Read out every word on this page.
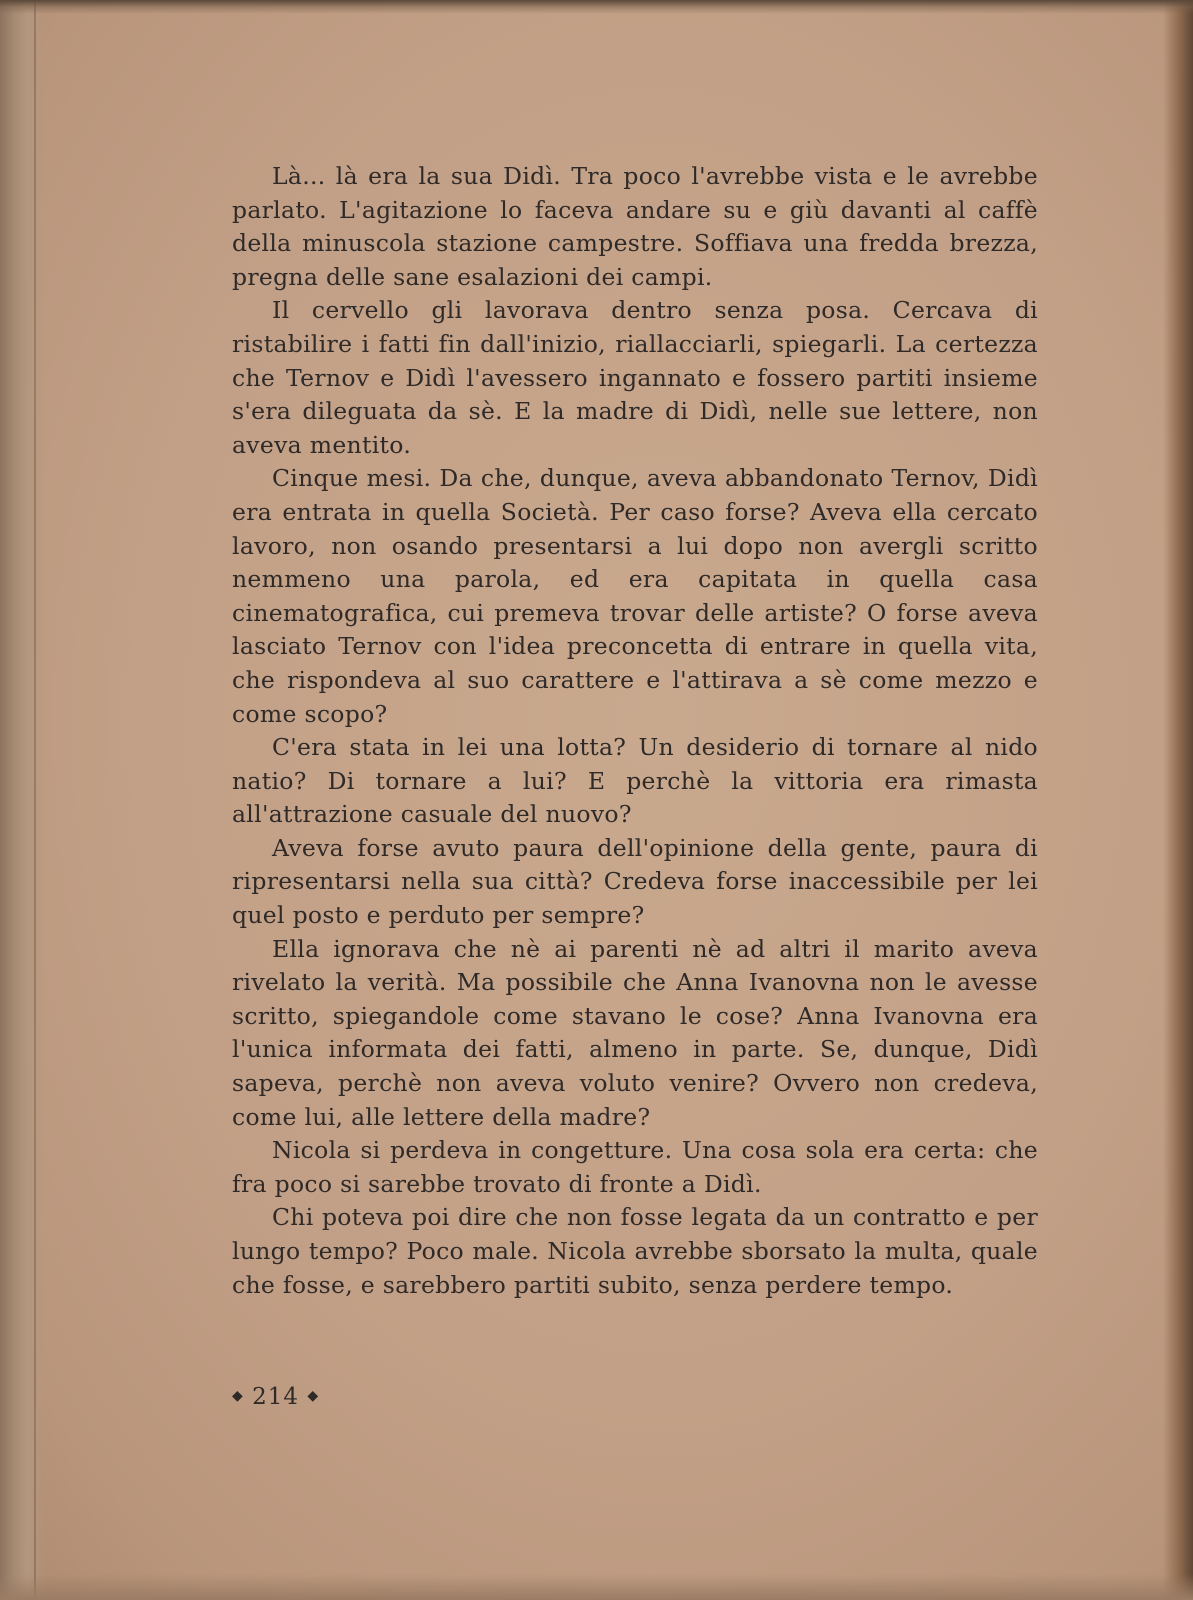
Là... là era la sua Didì. Tra poco l'avrebbe vista e le avrebbe parlato. L'agitazione lo faceva andare su e giù davanti al caffè della minuscola stazione campestre. Soffiava una fredda brezza, pregna delle sane esalazioni dei campi.

Il cervello gli lavorava dentro senza posa. Cercava di ristabilire i fatti fin dall'inizio, riallacciarli, spiegarli. La certezza che Ternov e Didì l'avessero ingannato e fossero partiti insieme s'era dileguata da sè. E la madre di Didì, nelle sue lettere, non aveva mentito.

Cinque mesi. Da che, dunque, aveva abbandonato Ternov, Didì era entrata in quella Società. Per caso forse? Aveva ella cercato lavoro, non osando presentarsi a lui dopo non avergli scritto nemmeno una parola, ed era capitata in quella casa cinematografica, cui premeva trovar delle artiste? O forse aveva lasciato Ternov con l'idea preconcetta di entrare in quella vita, che rispondeva al suo carattere e l'attirava a sè come mezzo e come scopo?

C'era stata in lei una lotta? Un desiderio di tornare al nido natio? Di tornare a lui? E perchè la vittoria era rimasta all'attrazione casuale del nuovo?

Aveva forse avuto paura dell'opinione della gente, paura di ripresentarsi nella sua città? Credeva forse inaccessibile per lei quel posto e perduto per sempre?

Ella ignorava che nè ai parenti nè ad altri il marito aveva rivelato la verità. Ma possibile che Anna Ivanovna non le avesse scritto, spiegandole come stavano le cose? Anna Ivanovna era l'unica informata dei fatti, almeno in parte. Se, dunque, Didì sapeva, perchè non aveva voluto venire? Ovvero non credeva, come lui, alle lettere della madre?

Nicola si perdeva in congetture. Una cosa sola era certa: che fra poco si sarebbe trovato di fronte a Didì.

Chi poteva poi dire che non fosse legata da un contratto e per lungo tempo? Poco male. Nicola avrebbe sborsato la multa, quale che fosse, e sarebbero partiti subito, senza perdere tempo.

◆ 214 ◆
